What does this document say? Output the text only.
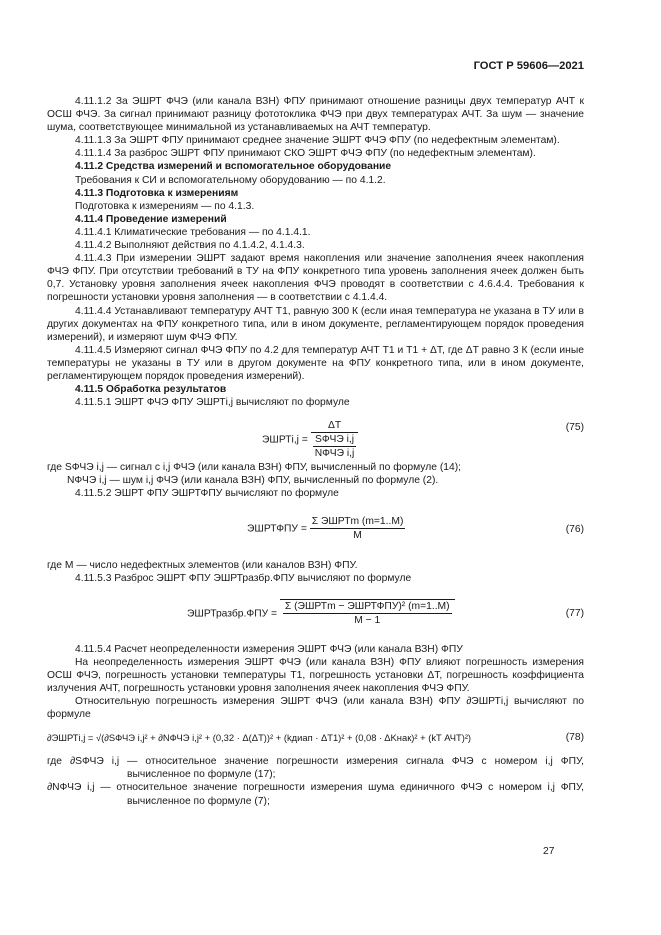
ГОСТ Р 59606—2021

4.11.1.2 За ЭШРТ ФЧЭ (или канала ВЗН) ФПУ принимают отношение разницы двух температур АЧТ к ОСШ ФЧЭ. За сигнал принимают разницу фототоклика ФЧЭ при двух температурах АЧТ. За шум — значение шума, соответствующее минимальной из устанавливаемых на АЧТ температур.

4.11.1.3 За ЭШРТ ФПУ принимают среднее значение ЭШРТ ФЧЭ ФПУ (по недефектным элементам).

4.11.1.4 За разброс ЭШРТ ФПУ принимают СКО ЭШРТ ФЧЭ ФПУ (по недефектным элементам).

4.11.2 Средства измерений и вспомогательное оборудование

Требования к СИ и вспомогательному оборудованию — по 4.1.2.

4.11.3 Подготовка к измерениям

Подготовка к измерениям — по 4.1.3.

4.11.4 Проведение измерений

4.11.4.1 Климатические требования — по 4.1.4.1.

4.11.4.2 Выполняют действия по 4.1.4.2, 4.1.4.3.

4.11.4.3 При измерении ЭШРТ задают время накопления или значение заполнения ячеек накопления ФЧЭ ФПУ. При отсутствии требований в ТУ на ФПУ конкретного типа уровень заполнения ячеек должен быть 0,7. Установку уровня заполнения ячеек накопления ФЧЭ проводят в соответствии с 4.6.4.4. Требования к погрешности установки уровня заполнения — в соответствии с 4.1.4.4.

4.11.4.4 Устанавливают температуру АЧТ T1, равную 300 К (если иная температура не указана в ТУ или в других документах на ФПУ конкретного типа, или в ином документе, регламентирующем порядок проведения измерений), и измеряют шум ФЧЭ ФПУ.

4.11.4.5 Измеряют сигнал ФЧЭ ФПУ по 4.2 для температур АЧТ T1 и T1 + ΔT, где ΔT равно 3 К (если иные температуры не указаны в ТУ или в другом документе на ФПУ конкретного типа, или в ином документе, регламентирующем порядок проведения измерений).

4.11.5 Обработка результатов

4.11.5.1 ЭШРТ ФЧЭ ФПУ ЭШРТi,j вычисляют по формуле

ЭШРТi,j = $\frac{\Delta T}{\frac{\text{SФЧЭ i,j}}{\text{NФЧЭ i,j}}}$	(75)

где SФЧЭ i,j — сигнал с i,j ФЧЭ (или канала ВЗН) ФПУ, вычисленный по формуле (14);

NФЧЭ i,j — шум i,j ФЧЭ (или канала ВЗН) ФПУ, вычисленный по формуле (2).

4.11.5.2 ЭШРТ ФПУ ЭШРТФПУ вычисляют по формуле

ЭШРТФПУ = $\frac{\text{Σ ЭШРТm (m=1..M)}}{M}$	(76)

где M — число недефектных элементов (или каналов ВЗН) ФПУ.

4.11.5.3 Разброс ЭШРТ ФПУ ЭШРТразбр.ФПУ вычисляют по формуле

ЭШРТразбр.ФПУ = $\frac{\text{Σ (ЭШРТm − ЭШРТФПУ)² (m=1..M)}}{M - 1}$	(77)

4.11.5.4 Расчет неопределенности измерения ЭШРТ ФЧЭ (или канала ВЗН) ФПУ

На неопределенность измерения ЭШРТ ФЧЭ (или канала ВЗН) ФПУ влияют погрешность измерения ОСШ ФЧЭ, погрешность установки температуры T1, погрешность установки ΔT, погрешность коэффициента излучения АЧТ, погрешность установки уровня заполнения ячеек накопления ФЧЭ ФПУ.

Относительную погрешность измерения ЭШРТ ФЧЭ (или канала ВЗН) ФПУ ∂ЭШРТi,j вычисляют по формуле

∂ЭШРТi,j = √(∂SФЧЭ i,j² + ∂NФЧЭ i,j² + (0,32 · Δ(ΔT))² + (kдиап · ΔT1)² + (0,08 · ΔKнак)² + (kT АЧТ)²)	(78)

где ∂SФЧЭ i,j — относительное значение погрешности измерения сигнала ФЧЭ с номером i,j ФПУ, вычисленное по формуле (17);

∂NФЧЭ i,j — относительное значение погрешности измерения шума единичного ФЧЭ с номером i,j ФПУ, вычисленное по формуле (7);

27
